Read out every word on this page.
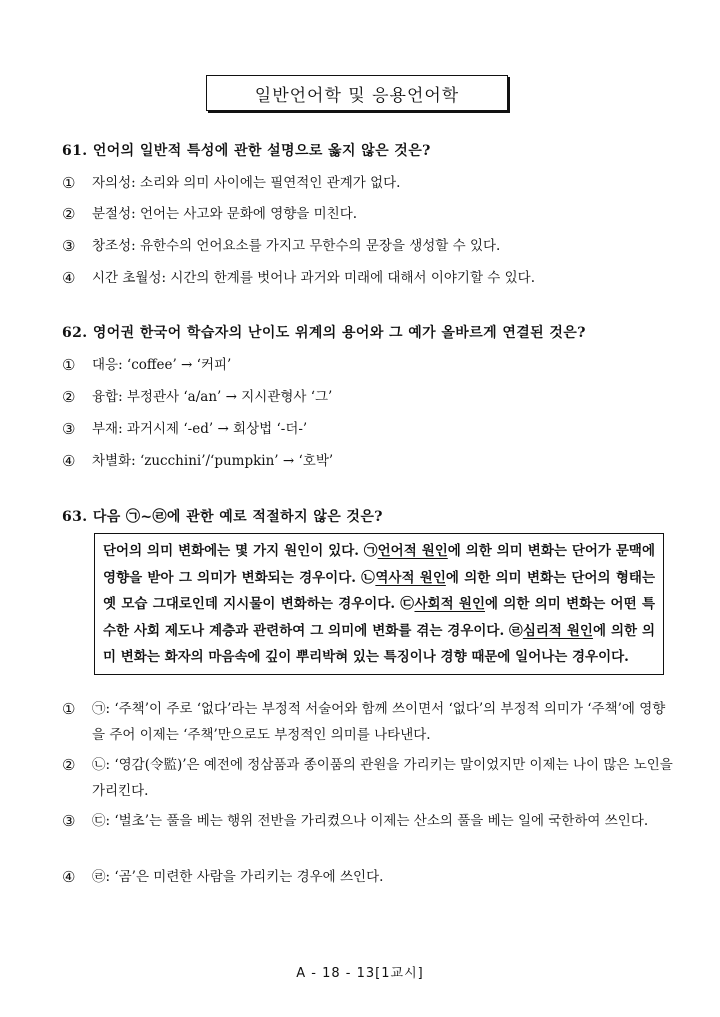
일반언어학 및 응용언어학
61. 언어의 일반적 특성에 관한 설명으로 옳지 않은 것은?
①	자의성: 소리와 의미 사이에는 필연적인 관계가 없다.
②	분절성: 언어는 사고와 문화에 영향을 미친다.
③	창조성: 유한수의 언어요소를 가지고 무한수의 문장을 생성할 수 있다.
④	시간 초월성: 시간의 한계를 벗어나 과거와 미래에 대해서 이야기할 수 있다.
62. 영어권 한국어 학습자의 난이도 위계의 용어와 그 예가 올바르게 연결된 것은?
①	대응: ‘coffee’ → ‘커피’
②	융합: 부정관사 ‘a/an’ → 지시관형사 ‘그’
③	부재: 과거시제 ‘-ed’ → 회상법 ‘-더-’
④	차별화: ‘zucchini’/‘pumpkin’ → ‘호박’
63. 다음 ㉠~㉣에 관한 예로 적절하지 않은 것은?
단어의 의미 변화에는 몇 가지 원인이 있다. ㉠언어적 원인에 의한 의미 변화는 단어가 문맥에 영향을 받아 그 의미가 변화되는 경우이다. ㉡역사적 원인에 의한 의미 변화는 단어의 형태는 옛 모습 그대로인데 지시물이 변화하는 경우이다. ㉢사회적 원인에 의한 의미 변화는 어떤 특수한 사회 제도나 계층과 관련하여 그 의미에 변화를 겪는 경우이다. ㉣심리적 원인에 의한 의미 변화는 화자의 마음속에 깊이 뿌리박혀 있는 특징이나 경향 때문에 일어나는 경우이다.
①	㉠: ‘주책’이 주로 ‘없다’라는 부정적 서술어와 함께 쓰이면서 ‘없다’의 부정적 의미가 ‘주책’에 영향을 주어 이제는 ‘주책’만으로도 부정적인 의미를 나타낸다.
②	㉡: ‘영감(令監)’은 예전에 정삼품과 종이품의 관원을 가리키는 말이었지만 이제는 나이 많은 노인을 가리킨다.
③	㉢: ‘벌초’는 풀을 베는 행위 전반을 가리켰으나 이제는 산소의 풀을 베는 일에 국한하여 쓰인다.
④	㉣: ‘곰’은 미련한 사람을 가리키는 경우에 쓰인다.
A - 18 - 13[1교시]
